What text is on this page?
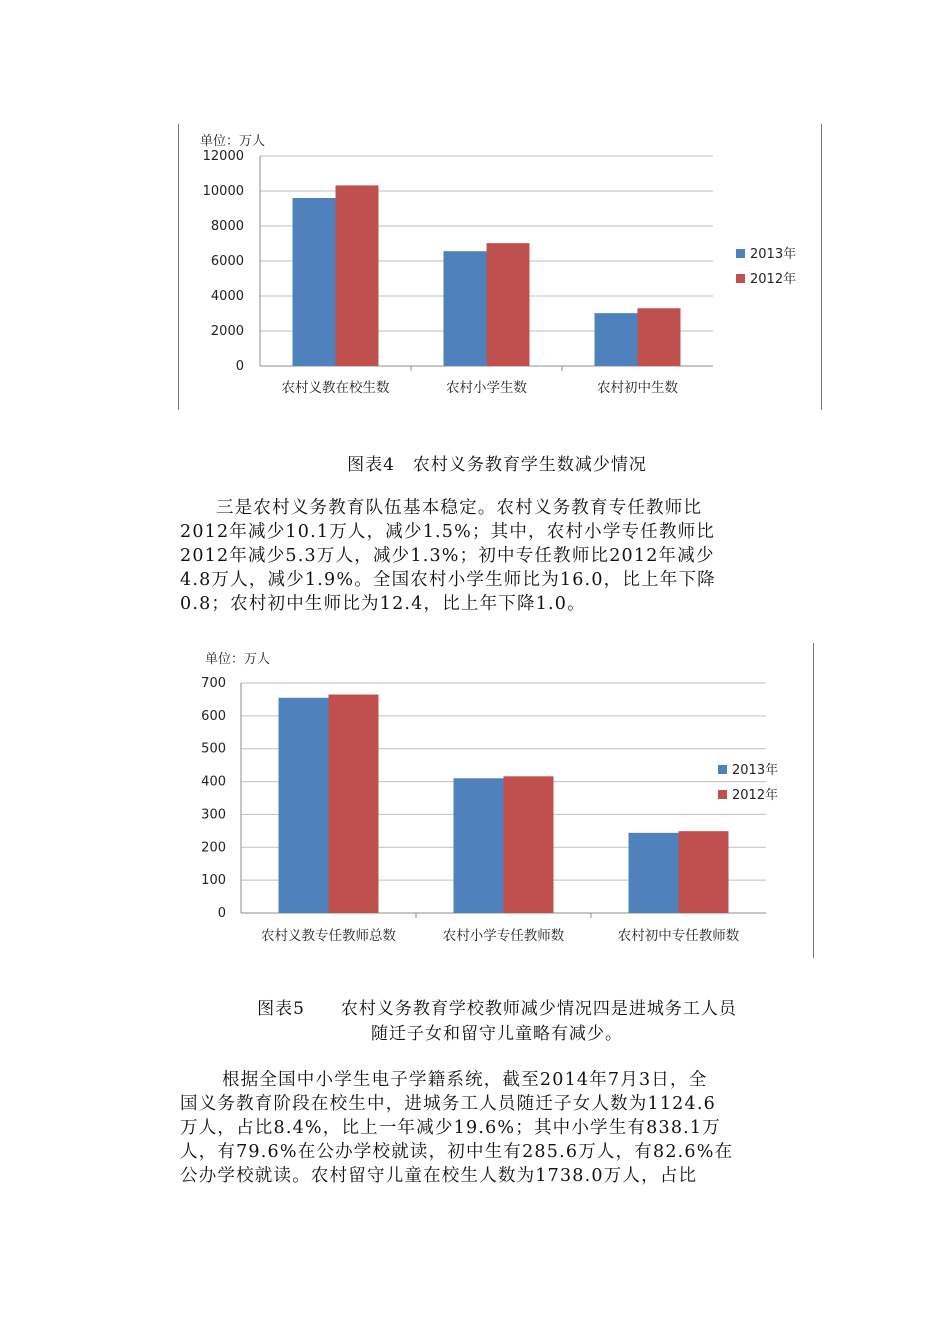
单位：万人
0
2000
4000
6000
8000
10000
12000
农村义教在校生数	农村小学生数	农村初中生数
2013年
2012年
图表4　农村义务教育学生数减少情况

三是农村义务教育队伍基本稳定。农村义务教育专任教师比

2012年减少10.1万人，减少1.5%；其中，农村小学专任教师比

2012年减少5.3万人，减少1.3%；初中专任教师比2012年减少

4.8万人，减少1.9%。全国农村小学生师比为16.0，比上年下降

0.8；农村初中生师比为12.4，比上年下降1.0。

单位：万人
0
100
200
300
400
500
600
700
农村义教专任教师总数	农村小学专任教师数	农村初中专任教师数
2013年
2012年
图表5　　农村义务教育学校教师减少情况四是进城务工人员
随迁子女和留守儿童略有减少。

根据全国中小学生电子学籍系统，截至2014年7月3日，全

国义务教育阶段在校生中，进城务工人员随迁子女人数为1124.6

万人，占比8.4%，比上一年减少19.6%；其中小学生有838.1万

人，有79.6%在公办学校就读，初中生有285.6万人，有82.6%在

公办学校就读。农村留守儿童在校生人数为1738.0万人，占比
